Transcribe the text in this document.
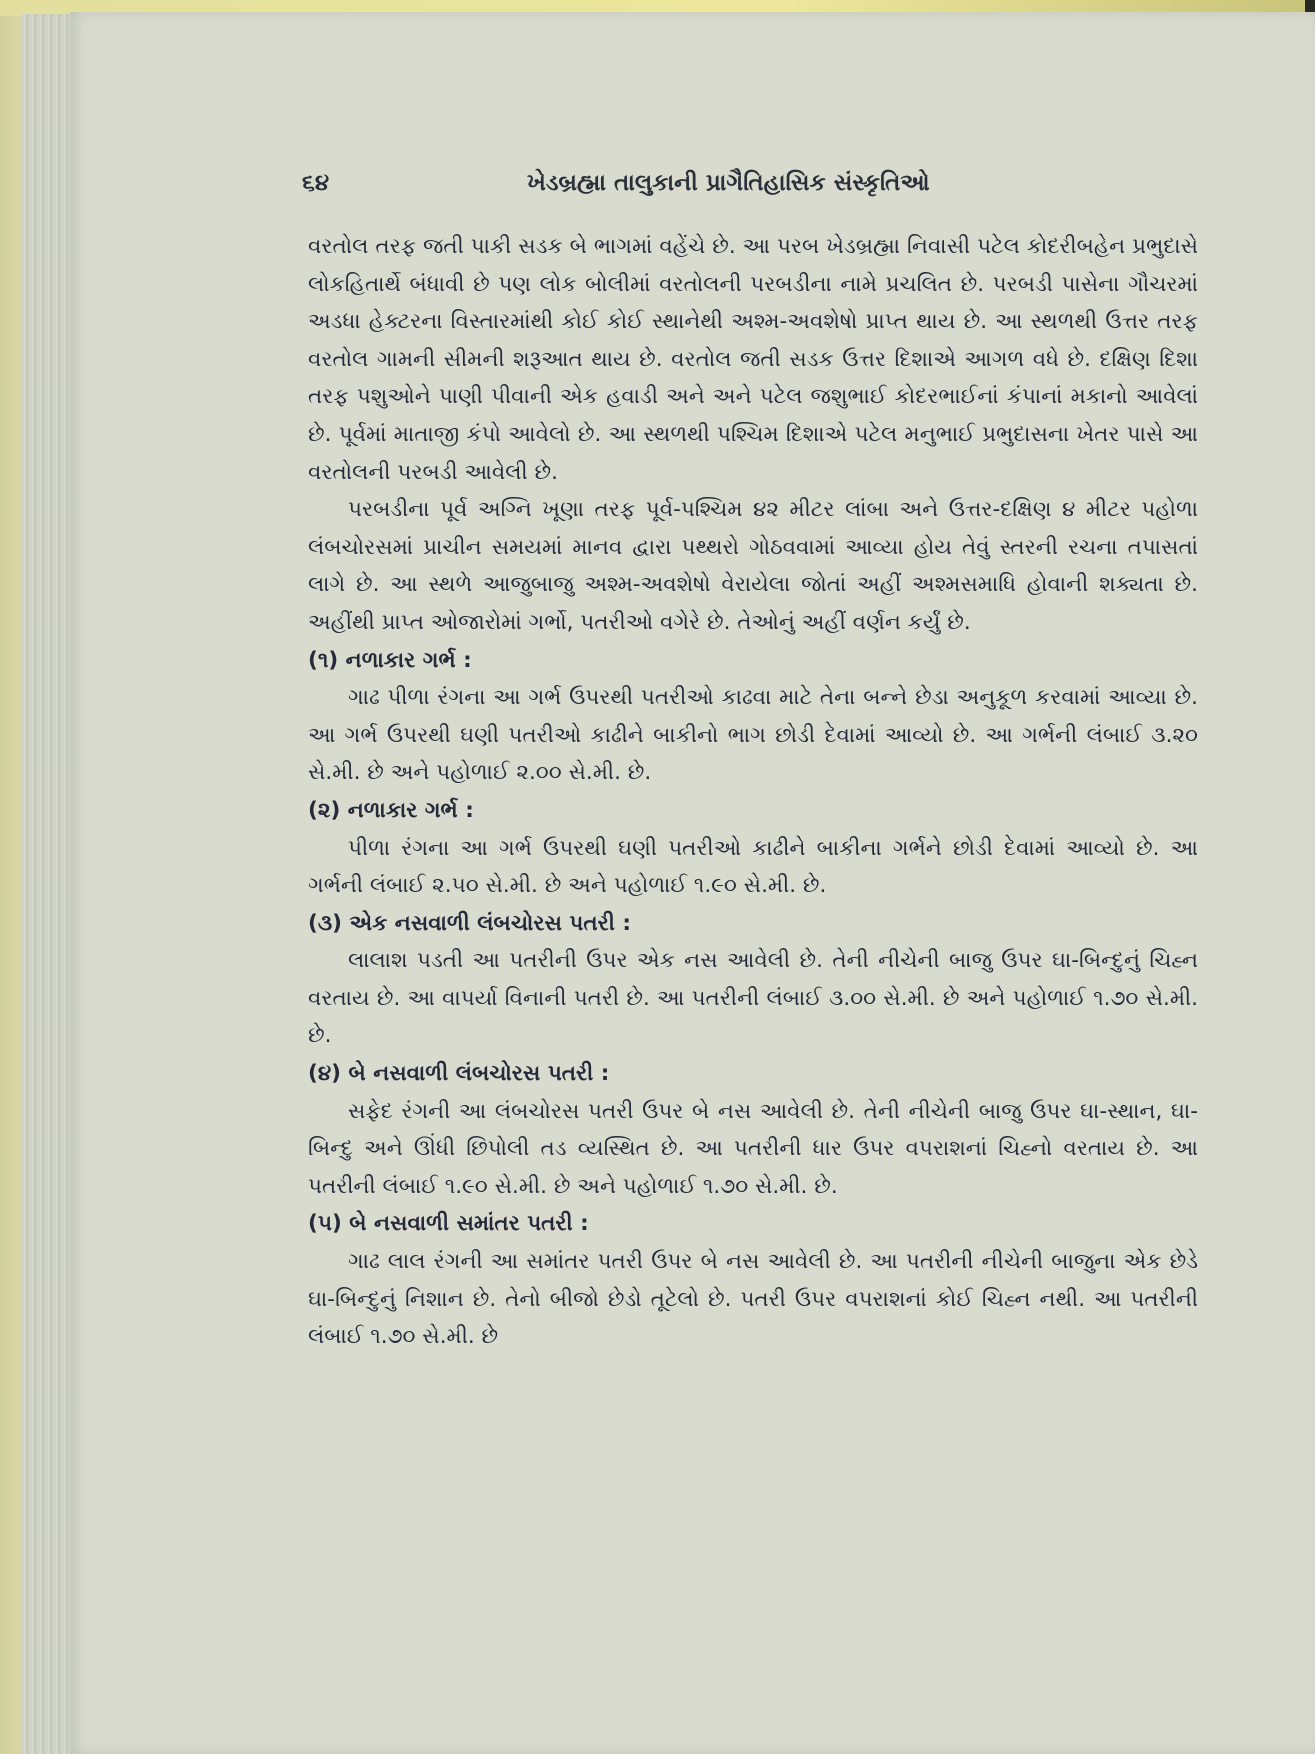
૬૪	ખેડબ્રહ્મા તાલુકાની પ્રાગૈતિહાસિક સંસ્કૃતિઓ

વરતોલ તરફ જતી પાકી સડક બે ભાગમાં વહેંચે છે. આ પરબ ખેડબ્રહ્મા નિવાસી પટેલ કોદરીબહેન પ્રભુદાસે લોકહિતાર્થે બંધાવી છે પણ લોક બોલીમાં વરતોલની પરબડીના નામે પ્રચલિત છે. પરબડી પાસેના ગૌચરમાં અડધા હેક્ટરના વિસ્તારમાંથી કોઈ કોઈ સ્થાનેથી અશ્મ-અવશેષો પ્રાપ્ત થાય છે. આ સ્થળથી ઉત્તર તરફ વરતોલ ગામની સીમની શરૂઆત થાય છે. વરતોલ જતી સડક ઉત્તર દિશાએ આગળ વધે છે. દક્ષિણ દિશા તરફ પશુઓને પાણી પીવાની એક હવાડી અને અને પટેલ જશુભાઈ કોદરભાઈનાં કંપાનાં મકાનો આવેલાં છે. પૂર્વમાં માતાજી કંપો આવેલો છે. આ સ્થળથી પશ્ચિમ દિશાએ પટેલ મનુભાઈ પ્રભુદાસના ખેતર પાસે આ વરતોલની પરબડી આવેલી છે.

પરબડીના પૂર્વ અગ્નિ ખૂણા તરફ પૂર્વ-પશ્ચિમ ૪૨ મીટર લાંબા અને ઉત્તર-દક્ષિણ ૪ મીટર પહોળા લંબચોરસમાં પ્રાચીન સમયમાં માનવ દ્વારા પથ્થરો ગોઠવવામાં આવ્યા હોય તેવું સ્તરની રચના તપાસતાં લાગે છે. આ સ્થળે આજુબાજુ અશ્મ-અવશેષો વેરાયેલા જોતાં અહીં અશ્મસમાધિ હોવાની શક્યતા છે. અહીંથી પ્રાપ્ત ઓજારોમાં ગર્ભો, પતરીઓ વગેરે છે. તેઓનું અહીં વર્ણન કર્યું છે.

(૧) નળાકાર ગર્ભ :

ગાઢ પીળા રંગના આ ગર્ભ ઉપરથી પતરીઓ કાઢવા માટે તેના બન્ને છેડા અનુકૂળ કરવામાં આવ્યા છે. આ ગર્ભ ઉપરથી ઘણી પતરીઓ કાઢીને બાકીનો ભાગ છોડી દેવામાં આવ્યો છે. આ ગર્ભની લંબાઈ ૩.૨૦ સે.મી. છે અને પહોળાઈ ૨.૦૦ સે.મી. છે.

(૨) નળાકાર ગર્ભ :

પીળા રંગના આ ગર્ભ ઉપરથી ઘણી પતરીઓ કાઢીને બાકીના ગર્ભને છોડી દેવામાં આવ્યો છે. આ ગર્ભની લંબાઈ ૨.૫૦ સે.મી. છે અને પહોળાઈ ૧.૯૦ સે.મી. છે.

(૩) એક નસવાળી લંબચોરસ પતરી :

લાલાશ પડતી આ પતરીની ઉપર એક નસ આવેલી છે. તેની નીચેની બાજુ ઉપર ઘા-બિન્દુનું ચિહ્ન વરતાય છે. આ વાપર્યા વિનાની પતરી છે. આ પતરીની લંબાઈ ૩.૦૦ સે.મી. છે અને પહોળાઈ ૧.૭૦ સે.મી. છે.

(૪) બે નસવાળી લંબચોરસ પતરી :

સફેદ રંગની આ લંબચોરસ પતરી ઉપર બે નસ આવેલી છે. તેની નીચેની બાજુ ઉપર ઘા-સ્થાન, ઘા-બિન્દુ અને ઊંધી છિપોલી તડ વ્યસ્થિત છે. આ પતરીની ધાર ઉપર વપરાશનાં ચિહ્નો વરતાય છે. આ પતરીની લંબાઈ ૧.૯૦ સે.મી. છે અને પહોળાઈ ૧.૭૦ સે.મી. છે.

(૫) બે નસવાળી સમાંતર પતરી :

ગાઢ લાલ રંગની આ સમાંતર પતરી ઉપર બે નસ આવેલી છે. આ પતરીની નીચેની બાજુના એક છેડે ઘા-બિન્દુનું નિશાન છે. તેનો બીજો છેડો તૂટેલો છે. પતરી ઉપર વપરાશનાં કોઈ ચિહ્ન નથી. આ પતરીની લંબાઈ ૧.૭૦ સે.મી. છે
